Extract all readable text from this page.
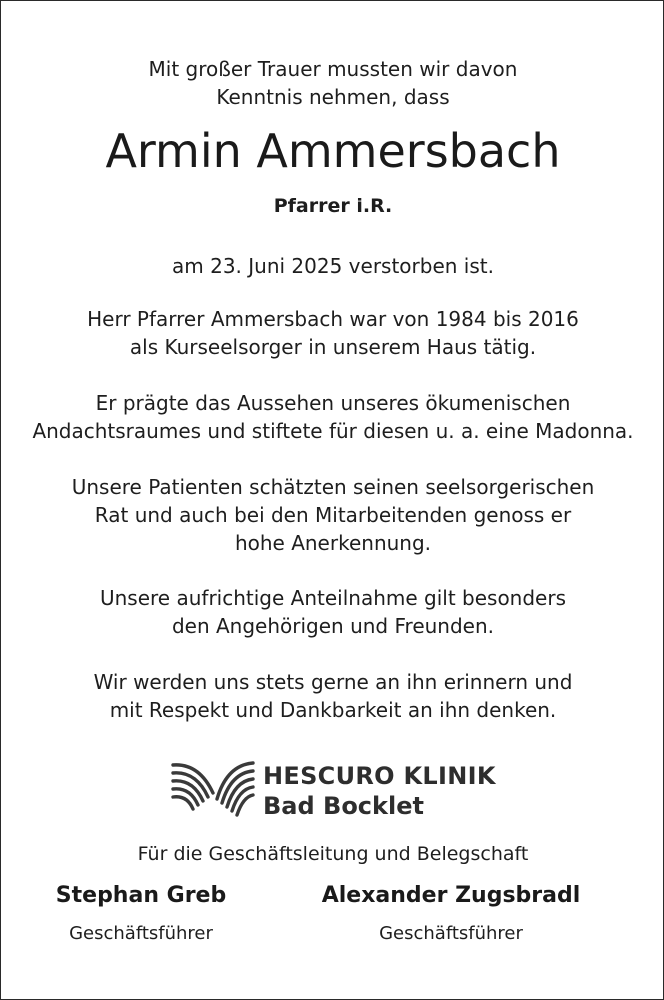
Mit großer Trauer mussten wir davon
Kenntnis nehmen, dass
Armin Ammersbach
Pfarrer i.R.
am 23. Juni 2025 verstorben ist.
Herr Pfarrer Ammersbach war von 1984 bis 2016
als Kurseelsorger in unserem Haus tätig.
Er prägte das Aussehen unseres ökumenischen
Andachtsraumes und stiftete für diesen u. a. eine Madonna.
Unsere Patienten schätzten seinen seelsorgerischen
Rat und auch bei den Mitarbeitenden genoss er
hohe Anerkennung.
Unsere aufrichtige Anteilnahme gilt besonders
den Angehörigen und Freunden.
Wir werden uns stets gerne an ihn erinnern und
mit Respekt und Dankbarkeit an ihn denken.
HESCURO KLINIK
Bad Bocklet
Für die Geschäftsleitung und Belegschaft
Stephan Greb
Geschäftsführer
Alexander Zugsbradl
Geschäftsführer
